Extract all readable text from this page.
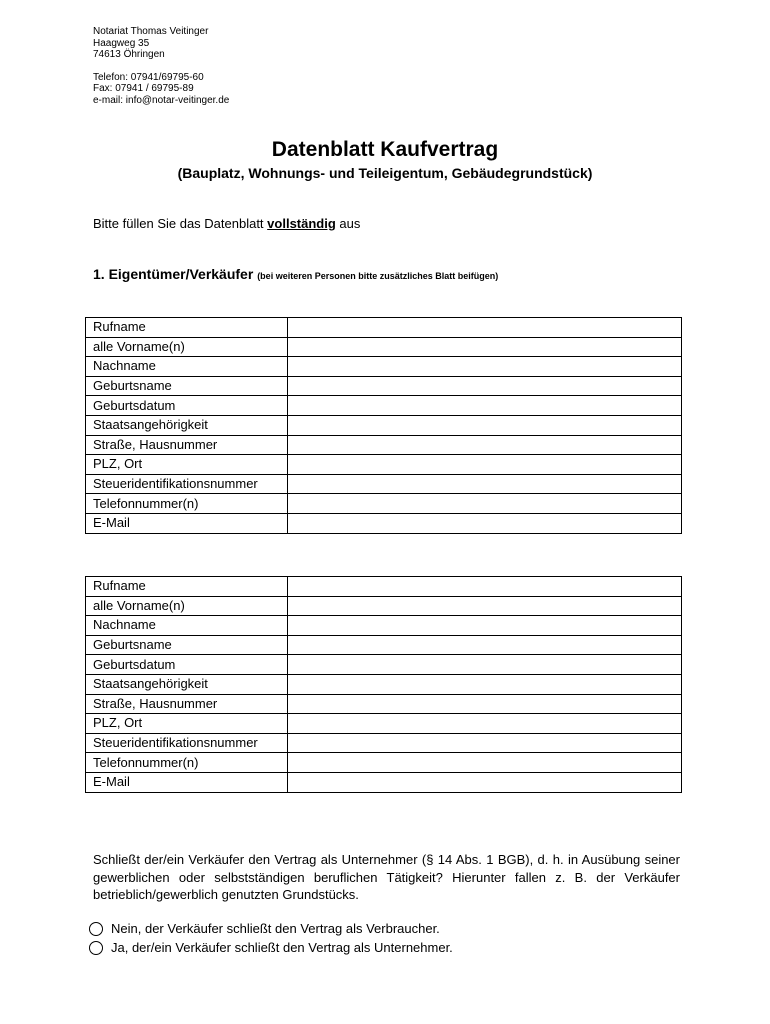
Notariat Thomas Veitinger
Haagweg 35
74613 Öhringen
Telefon: 07941/69795-60
Fax: 07941 / 69795-89
e-mail: info@notar-veitinger.de
Datenblatt Kaufvertrag
(Bauplatz, Wohnungs- und Teileigentum, Gebäudegrundstück)
Bitte füllen Sie das Datenblatt vollständig aus
1. Eigentümer/Verkäufer (bei weiteren Personen bitte zusätzliches Blatt beifügen)
Rufname	
alle Vorname(n)	
Nachname	
Geburtsname	
Geburtsdatum	
Staatsangehörigkeit	
Straße, Hausnummer	
PLZ, Ort	
Steueridentifikationsnummer	
Telefonnummer(n)	
E-Mail	
Rufname	
alle Vorname(n)	
Nachname	
Geburtsname	
Geburtsdatum	
Staatsangehörigkeit	
Straße, Hausnummer	
PLZ, Ort	
Steueridentifikationsnummer	
Telefonnummer(n)	
E-Mail	
Schließt der/ein Verkäufer den Vertrag als Unternehmer (§ 14 Abs. 1 BGB), d. h. in Ausübung seiner gewerblichen oder selbstständigen beruflichen Tätigkeit? Hierunter fallen z. B. der Verkäufer betrieblich/gewerblich genutzten Grundstücks.
Nein, der Verkäufer schließt den Vertrag als Verbraucher.
Ja, der/ein Verkäufer schließt den Vertrag als Unternehmer.
